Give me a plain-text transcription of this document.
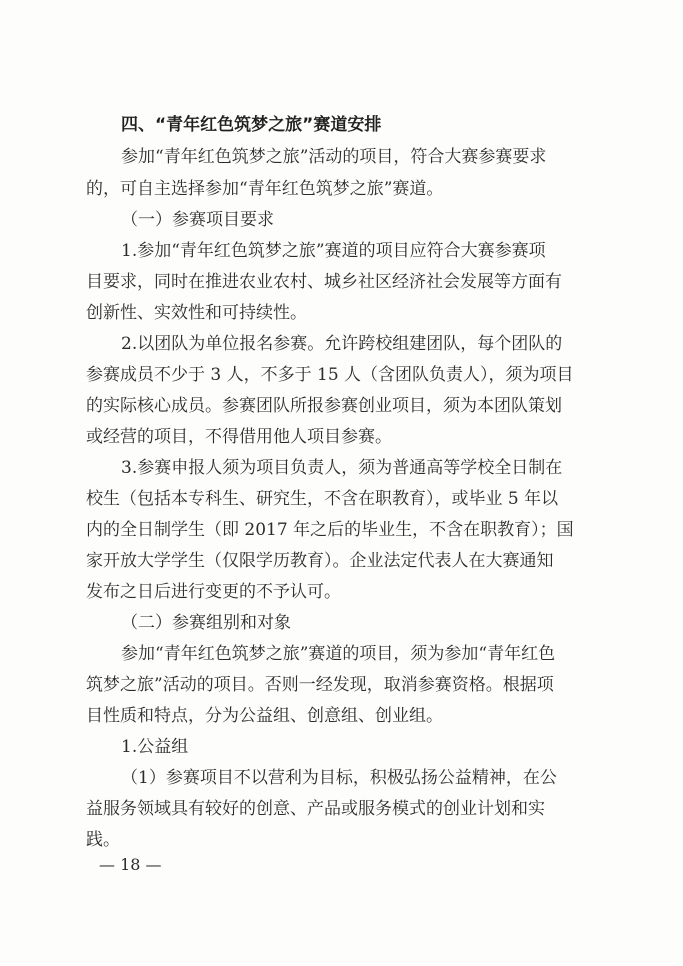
四、“青年红色筑梦之旅”赛道安排
参加“青年红色筑梦之旅”活动的项目，符合大赛参赛要求
的，可自主选择参加“青年红色筑梦之旅”赛道。
（一）参赛项目要求
1.参加“青年红色筑梦之旅”赛道的项目应符合大赛参赛项
目要求，同时在推进农业农村、城乡社区经济社会发展等方面有
创新性、实效性和可持续性。
2.以团队为单位报名参赛。允许跨校组建团队，每个团队的
参赛成员不少于 3 人，不多于 15 人（含团队负责人），须为项目
的实际核心成员。参赛团队所报参赛创业项目，须为本团队策划
或经营的项目，不得借用他人项目参赛。
3.参赛申报人须为项目负责人，须为普通高等学校全日制在
校生（包括本专科生、研究生，不含在职教育），或毕业 5 年以
内的全日制学生（即 2017 年之后的毕业生，不含在职教育）；国
家开放大学学生（仅限学历教育）。企业法定代表人在大赛通知
发布之日后进行变更的不予认可。
（二）参赛组别和对象
参加“青年红色筑梦之旅”赛道的项目，须为参加“青年红色
筑梦之旅”活动的项目。否则一经发现，取消参赛资格。根据项
目性质和特点，分为公益组、创意组、创业组。
1.公益组
（1）参赛项目不以营利为目标，积极弘扬公益精神，在公
益服务领域具有较好的创意、产品或服务模式的创业计划和实
践。
— 18 —
